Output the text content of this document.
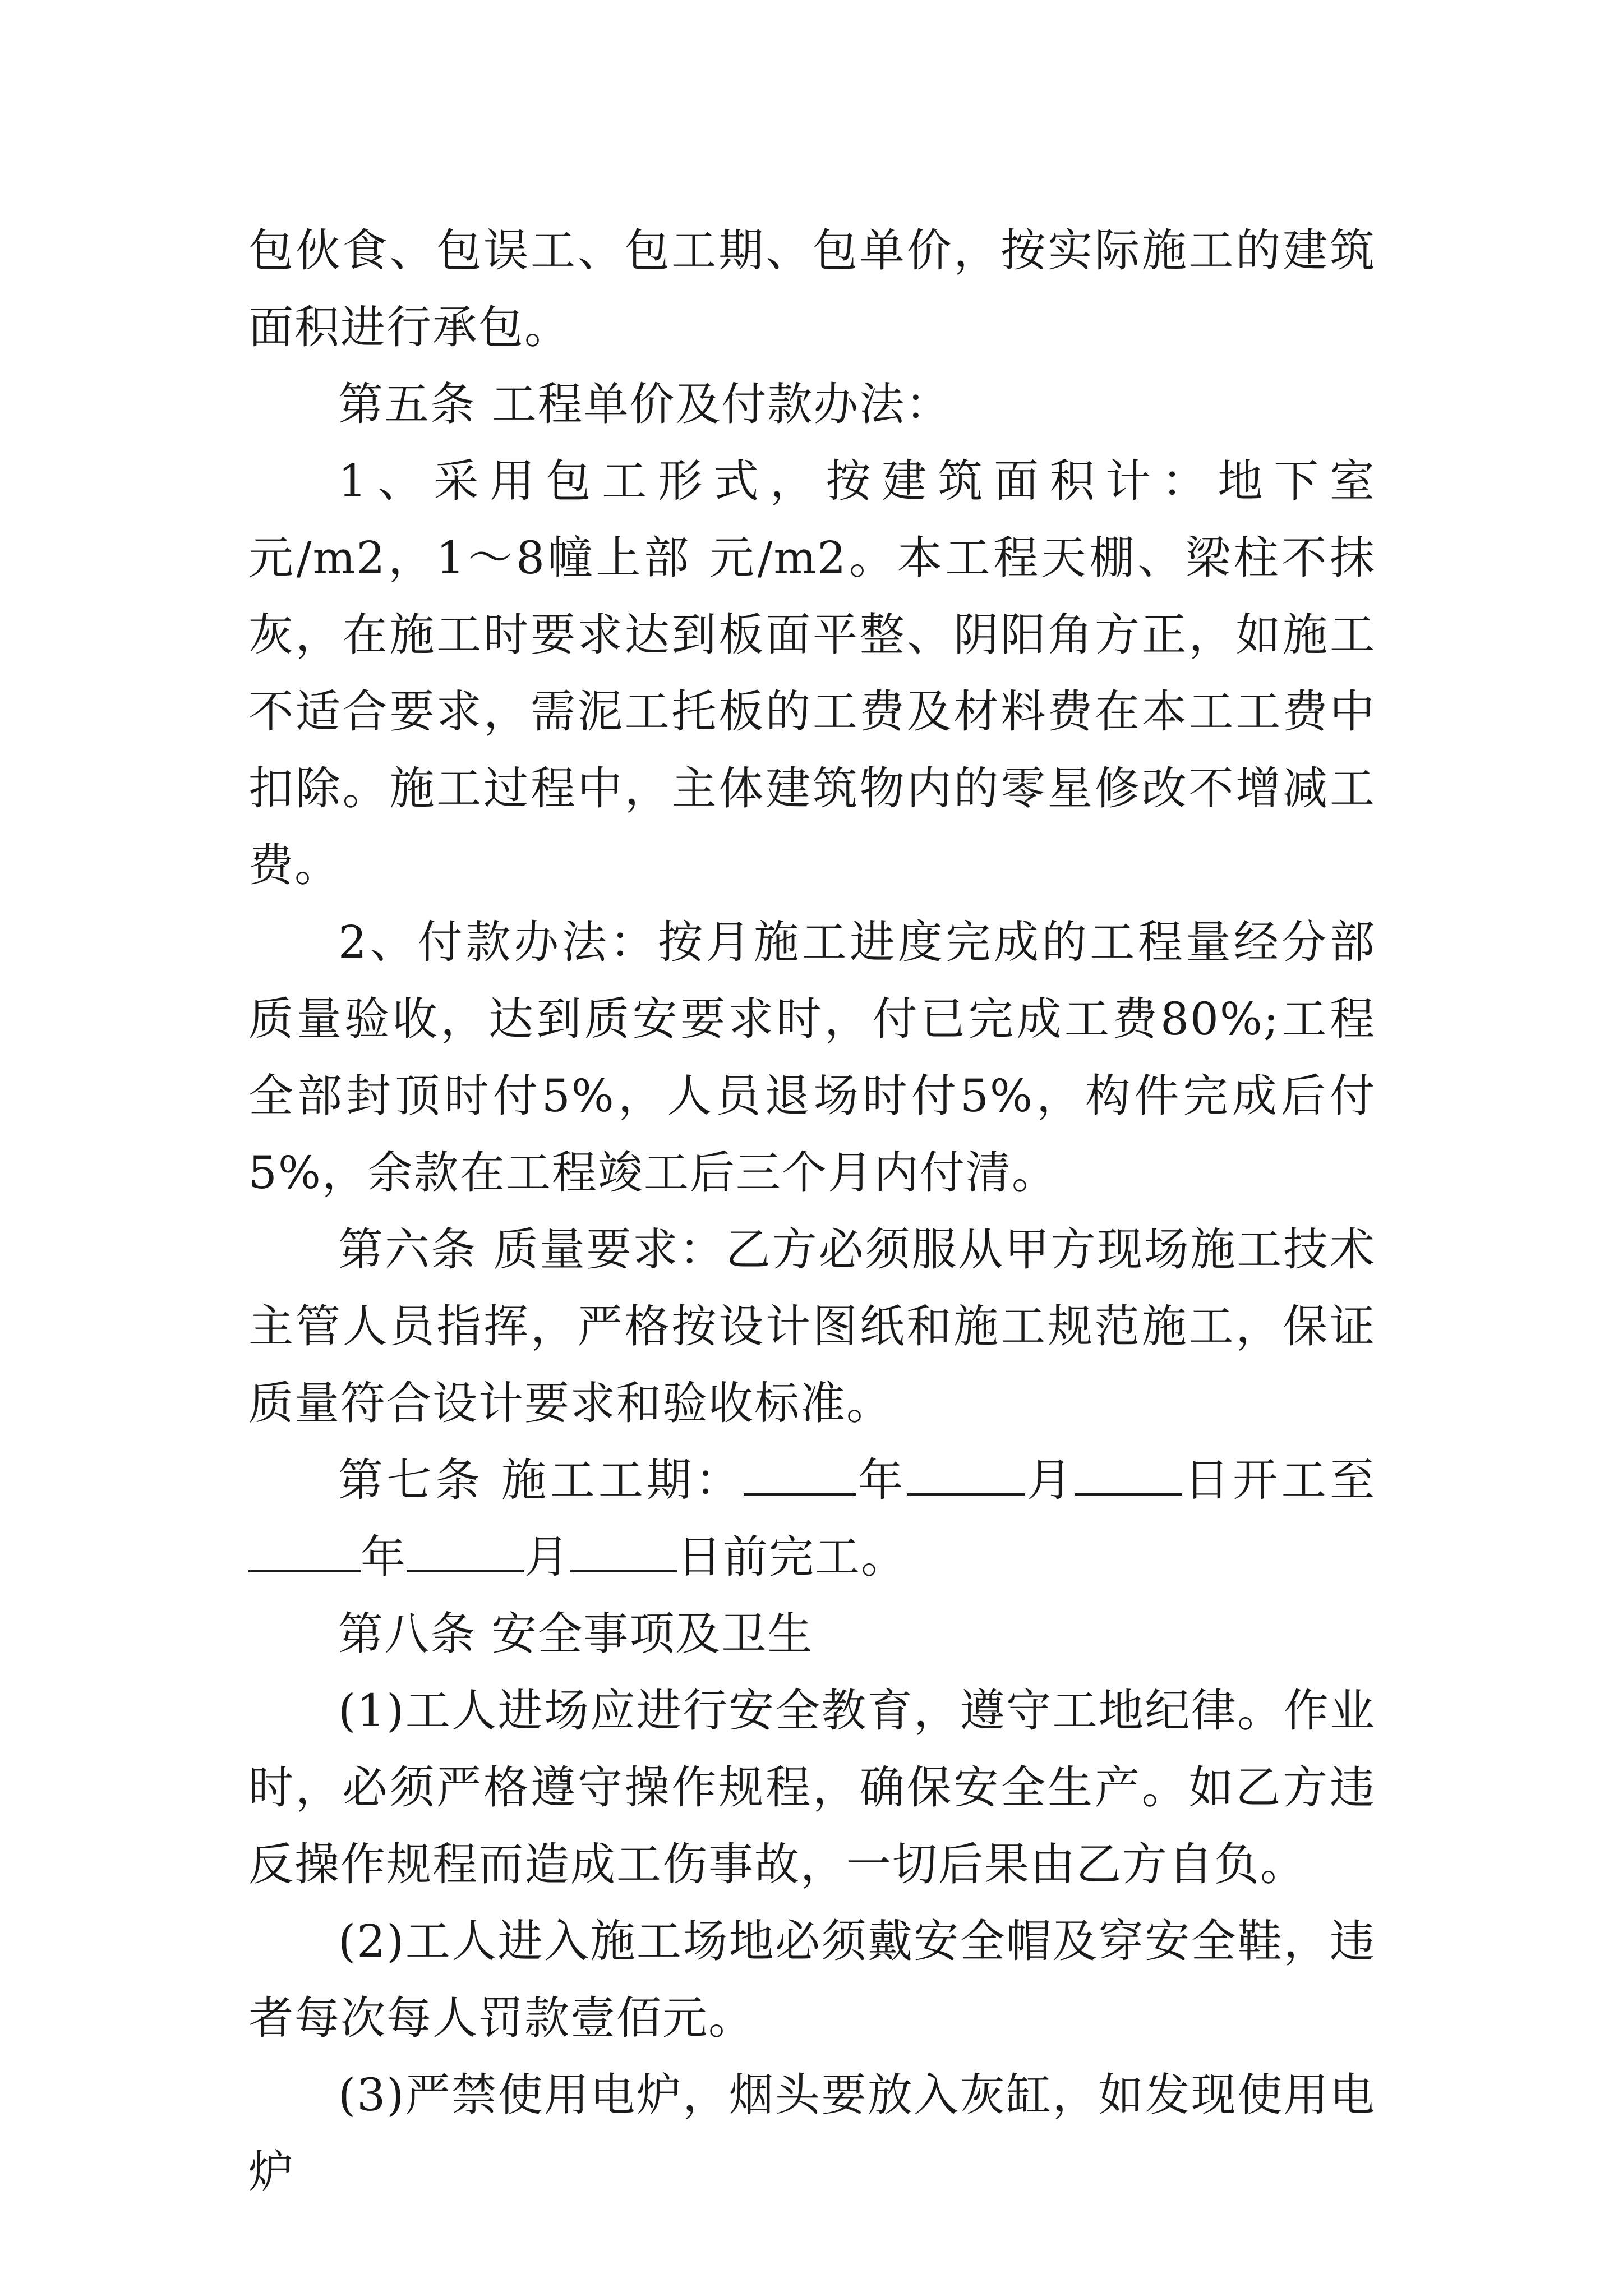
包伙食、包误工、包工期、包单价，按实际施工的建筑面积进行承包。

第五条 工程单价及付款办法：

1、采用包工形式，按建筑面积计：地下室 元/m2，1～8幢上部 元/m2。本工程天棚、梁柱不抹灰，在施工时要求达到板面平整、阴阳角方正，如施工不适合要求，需泥工托板的工费及材料费在本工工费中扣除。施工过程中，主体建筑物内的零星修改不增减工费。

2、付款办法：按月施工进度完成的工程量经分部质量验收，达到质安要求时，付已完成工费80%;工程全部封顶时付5%，人员退场时付5%，构件完成后付5%，余款在工程竣工后三个月内付清。

第六条 质量要求：乙方必须服从甲方现场施工技术主管人员指挥，严格按设计图纸和施工规范施工，保证质量符合设计要求和验收标准。

第七条 施工工期：	年	月 日开工至年	月 日前完工。

第八条 安全事项及卫生

(1)工人进场应进行安全教育，遵守工地纪律。作业时，必须严格遵守操作规程，确保安全生产。如乙方违反操作规程而造成工伤事故，一切后果由乙方自负。

(2)工人进入施工场地必须戴安全帽及穿安全鞋，违者每次每人罚款壹佰元。

(3)严禁使用电炉，烟头要放入灰缸，如发现使用电炉
